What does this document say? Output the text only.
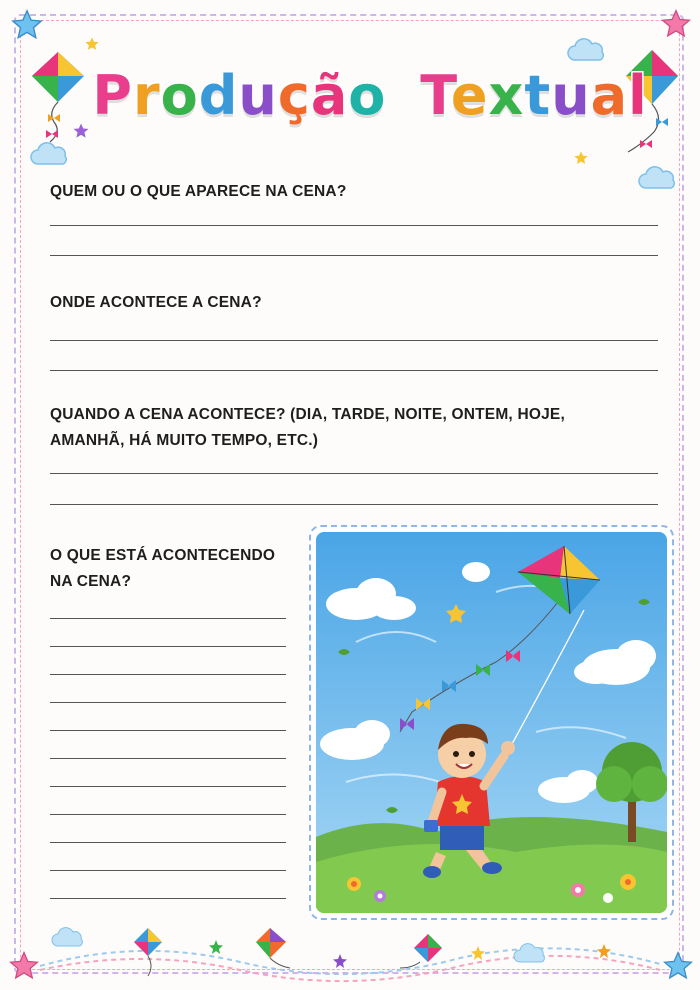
Produção Textual
QUEM OU O QUE APARECE NA CENA?
ONDE ACONTECE A CENA?
QUANDO A CENA ACONTECE? (DIA, TARDE, NOITE, ONTEM, HOJE,
AMANHÃ, HÁ MUITO TEMPO, ETC.)
O QUE ESTÁ ACONTECENDO
NA CENA?
